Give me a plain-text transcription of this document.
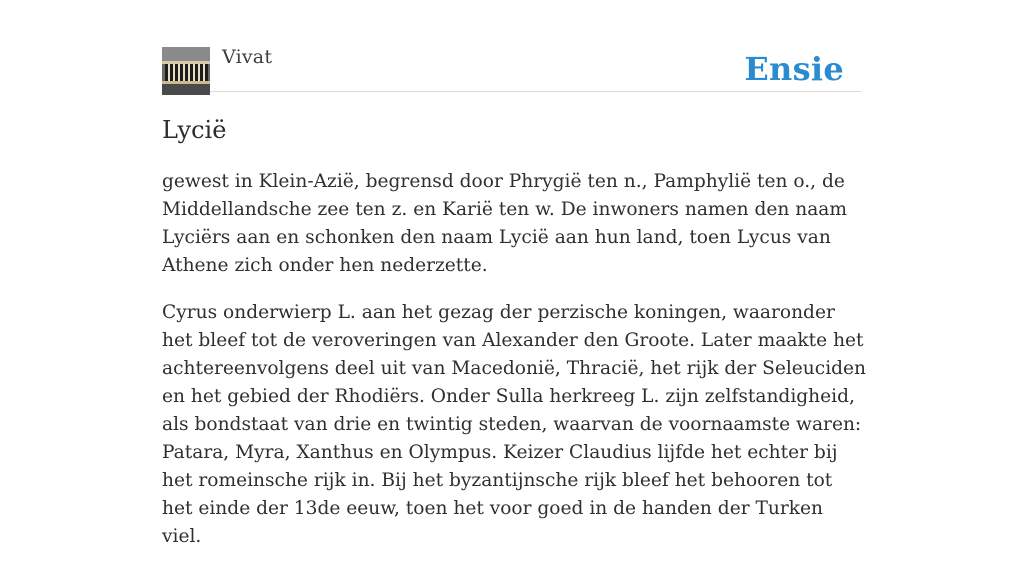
Vivat	Ensie
Lycië

gewest in Klein-Azië, begrensd door Phrygië ten n., Pamphylië ten o., de Middellandsche zee ten z. en Karië ten w. De inwoners namen den naam Lyciërs aan en schonken den naam Lycië aan hun land, toen Lycus van Athene zich onder hen nederzette.

Cyrus onderwierp L. aan het gezag der perzische koningen, waaronder het bleef tot de veroveringen van Alexander den Groote. Later maakte het achtereenvolgens deel uit van Macedonië, Thracië, het rijk der Seleuciden en het gebied der Rhodiërs. Onder Sulla herkreeg L. zijn zelfstandigheid, als bondstaat van drie en twintig steden, waarvan de voornaamste waren: Patara, Myra, Xanthus en Olympus. Keizer Claudius lijfde het echter bij het romeinsche rijk in. Bij het byzantijnsche rijk bleef het behooren tot het einde der 13de eeuw, toen het voor goed in de handen der Turken viel.
